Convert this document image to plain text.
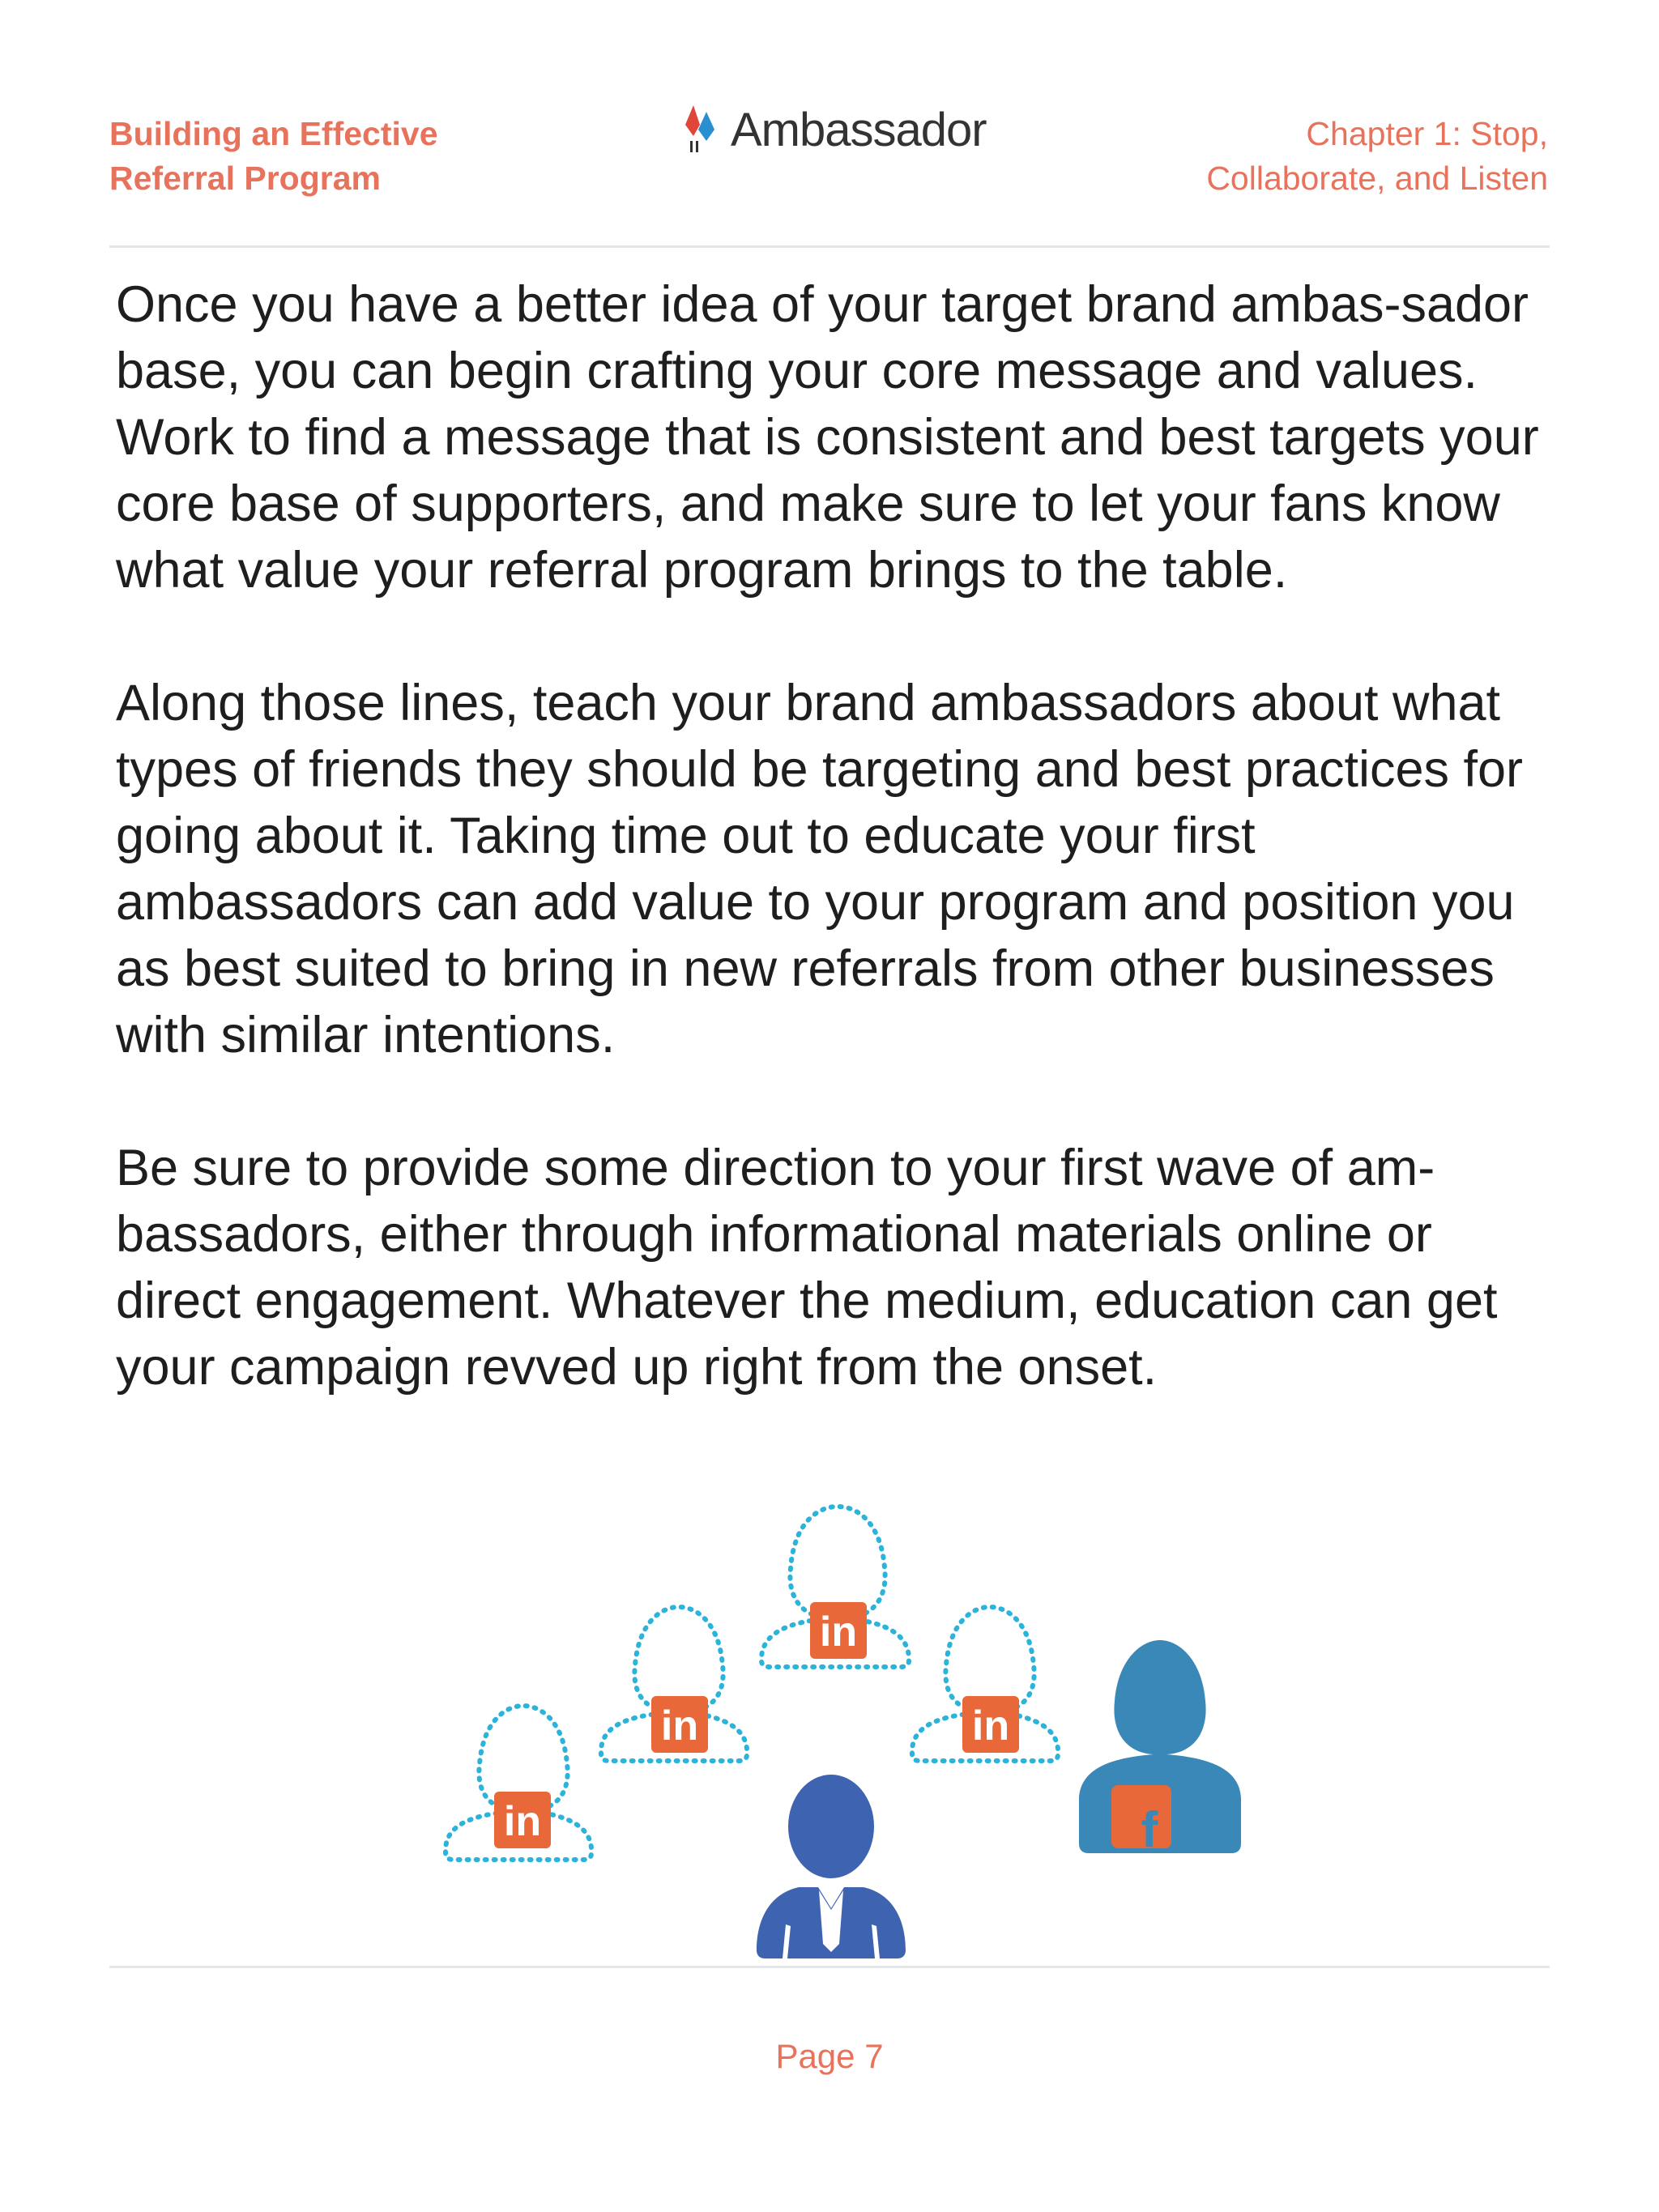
Building an Effective
Referral Program
Ambassador	Chapter 1: Stop,
Collaborate, and Listen

Once you have a better idea of your target brand ambas-sador base, you can begin crafting your core message and values. Work to find a message that is consistent and best targets your core base of supporters, and make sure to let your fans know what value your referral program brings to the table.

Along those lines, teach your brand ambassadors about what types of friends they should be targeting and best practices for going about it. Taking time out to educate your first ambassadors can add value to your program and position you as best suited to bring in new referrals from other businesses with similar intentions.

Be sure to provide some direction to your first wave of am-bassadors, either through informational materials online or direct engagement. Whatever the medium, education can get your campaign revved up right from the onset.

in
in	in
in	f
Page 7
